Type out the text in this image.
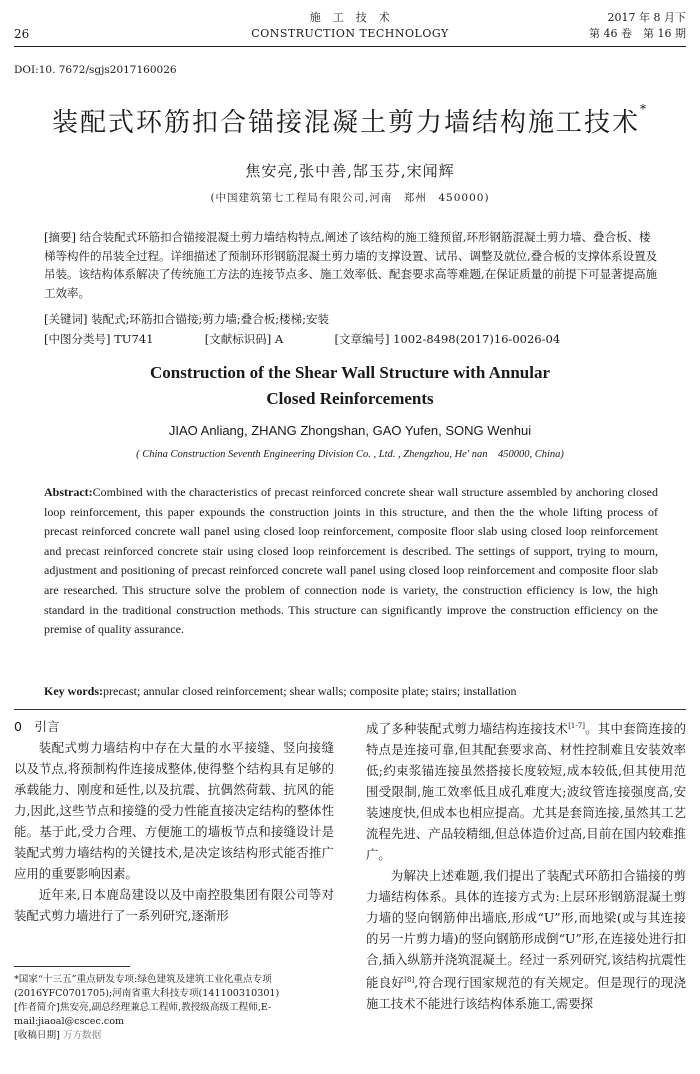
26
施　工　技　术
CONSTRUCTION TECHNOLOGY
2017 年 8 月下
第 46 卷　第 16 期
DOI:10. 7672/sgjs2017160026
装配式环筋扣合锚接混凝土剪力墙结构施工技术*
焦安亮,张中善,郜玉芬,宋闻辉
(中国建筑第七工程局有限公司,河南　郑州　450000)
[摘要] 结合装配式环筋扣合锚接混凝土剪力墙结构特点,阐述了该结构的施工缝预留,环形钢筋混凝土剪力墙、叠合板、楼梯等构件的吊装全过程。详细描述了预制环形钢筋混凝土剪力墙的支撑设置、试吊、调整及就位,叠合板的支撑体系设置及吊装。该结构体系解决了传统施工方法的连接节点多、施工效率低、配套要求高等难题,在保证质量的前提下可显著提高施工效率。
[关键词] 装配式;环筋扣合锚接;剪力墙;叠合板;楼梯;安装
[中图分类号] TU741	[文献标识码] A	[文章编号] 1002-8498(2017)16-0026-04
Construction of the Shear Wall Structure with Annular
Closed Reinforcements
JIAO Anliang, ZHANG Zhongshan, GAO Yufen, SONG Wenhui
( China Construction Seventh Engineering Division Co. , Ltd. , Zhengzhou, He' nan　450000, China)
Abstract:Combined with the characteristics of precast reinforced concrete shear wall structure assembled by anchoring closed loop reinforcement, this paper expounds the construction joints in this structure, and then the the whole lifting process of precast reinforced concrete wall panel using closed loop reinforcement, composite floor slab using closed loop reinforcement and precast reinforced concrete stair using closed loop reinforcement is described. The settings of support, trying to mourn, adjustment and positioning of precast reinforced concrete wall panel using closed loop reinforcement and composite floor slab are researched. This structure solve the problem of connection node is variety, the construction efficiency is low, the high standard in the traditional construction methods. This structure can significantly improve the construction efficiency on the premise of quality assurance.
Key words:precast; annular closed reinforcement; shear walls; composite plate; stairs; installation
0　引言

装配式剪力墙结构中存在大量的水平接缝、竖向接缝以及节点,将预制构件连接成整体,使得整个结构具有足够的承载能力、刚度和延性,以及抗震、抗偶然荷载、抗风的能力,因此,这些节点和接缝的受力性能直接决定结构的整体性能。基于此,受力合理、方便施工的墙板节点和接缝设计是装配式剪力墙结构的关键技术,是决定该结构形式能否推广应用的重要影响因素。

近年来,日本鹿岛建设以及中南控股集团有限公司等对装配式剪力墙进行了一系列研究,逐渐形

成了多种装配式剪力墙结构连接技术[1-7]。其中套筒连接的特点是连接可靠,但其配套要求高、材性控制难且安装效率低;约束浆锚连接虽然搭接长度较短,成本较低,但其使用范围受限制,施工效率低且成孔难度大;波纹管连接强度高,安装速度快,但成本也相应提高。尤其是套筒连接,虽然其工艺流程先进、产品较精细,但总体造价过高,目前在国内较难推广。

为解决上述难题,我们提出了装配式环筋扣合锚接的剪力墙结构体系。具体的连接方式为:上层环形钢筋混凝土剪力墙的竖向钢筋伸出墙底,形成“U”形,而地梁(或与其连接的另一片剪力墙)的竖向钢筋形成倒“U”形,在连接处进行扣合,插入纵筋并浇筑混凝土。经过一系列研究,该结构抗震性能良好[8],符合现行国家规范的有关规定。但是现行的现浇施工技术不能进行该结构体系施工,需要探

*国家“十三五”重点研发专项:绿色建筑及建筑工业化重点专项(2016YFC0701705);河南省重大科技专项(141100310301)

[作者简介]焦安亮,副总经理兼总工程师,教授级高级工程师,E-mail:jiaoal@cscec.com

[收稿日期] 万方数据
